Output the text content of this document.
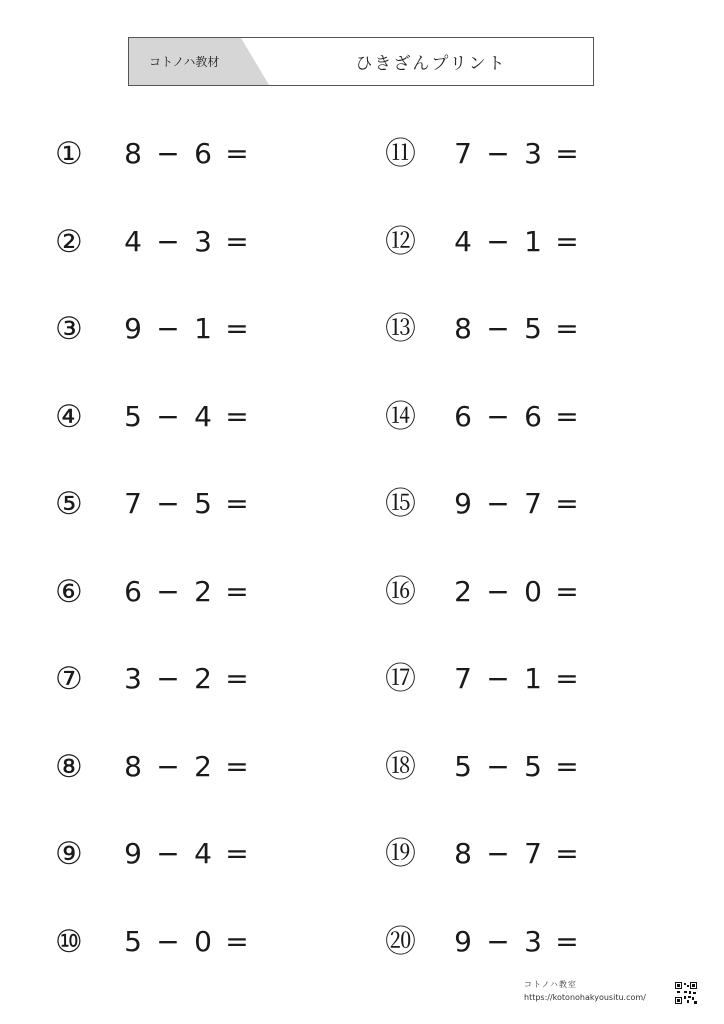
コトノハ教材	ひきざんプリント
①	8 − 6 =
②	4 − 3 =
③	9 − 1 =
④	5 − 4 =
⑤	7 − 5 =
⑥	6 − 2 =
⑦	3 − 2 =
⑧	8 − 2 =
⑨	9 − 4 =
⑩	5 − 0 =
⑪	7 − 3 =
⑫	4 − 1 =
⑬	8 − 5 =
⑭	6 − 6 =
⑮	9 − 7 =
⑯	2 − 0 =
⑰	7 − 1 =
⑱	5 − 5 =
⑲	8 − 7 =
⑳	9 − 3 =
コトノハ教室
https://kotonohakyousitu.com/
